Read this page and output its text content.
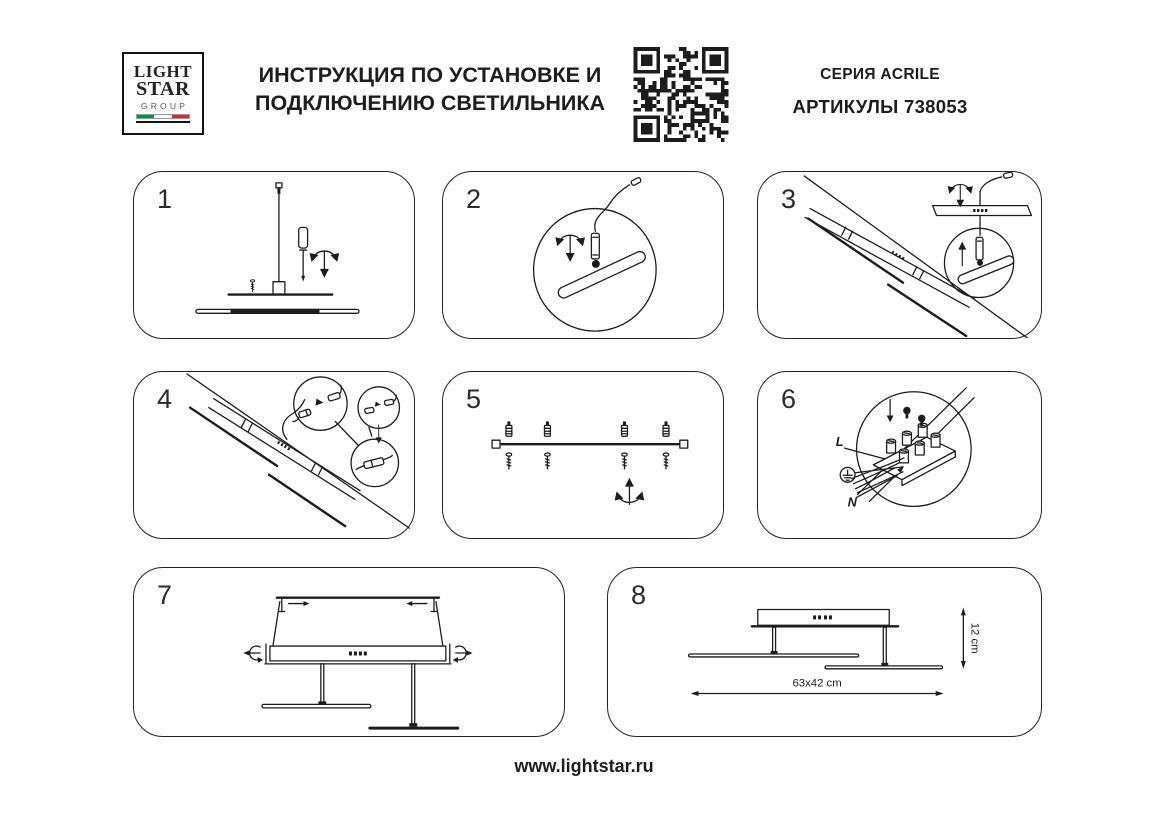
LIGHT
STAR
GROUP
ИНСТРУКЦИЯ ПО УСТАНОВКЕ И
ПОДКЛЮЧЕНИЮ СВЕТИЛЬНИКА
СЕРИЯ ACRILE
АРТИКУЛЫ 738053
1	2	3
4	5	6
L
N
7	8
12 cm
63x42 cm
www.lightstar.ru
